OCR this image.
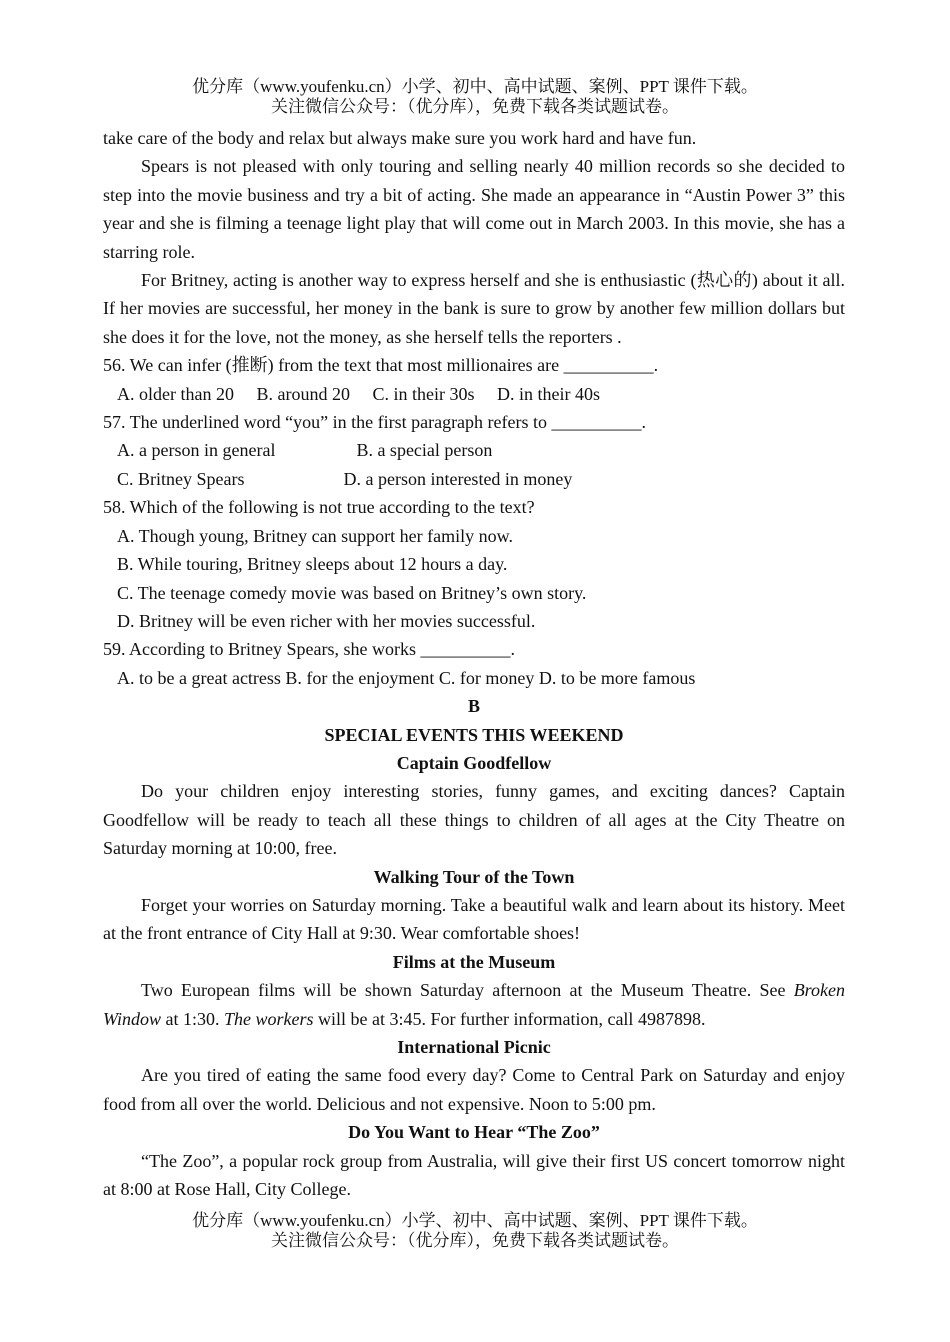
优分库（www.youfenku.cn）小学、初中、高中试题、案例、PPT 课件下载。
关注微信公众号：（优分库），免费下载各类试题试卷。

take care of the body and relax but always make sure you work hard and have fun.

Spears is not pleased with only touring and selling nearly 40 million records so she decided to step into the movie business and try a bit of acting. She made an appearance in “Austin Power 3” this year and she is filming a teenage light play that will come out in March 2003. In this movie, she has a starring role.

For Britney, acting is another way to express herself and she is enthusiastic (热心的) about it all. If her movies are successful, her money in the bank is sure to grow by another few million dollars but she does it for the love, not the money, as she herself tells the reporters .

56. We can infer (推断) from the text that most millionaires are __________.

A. older than 20     B. around 20     C. in their 30s     D. in their 40s

57. The underlined word “you” in the first paragraph refers to __________.

A. a person in general                  B. a special person

C. Britney Spears                      D. a person interested in money

58. Which of the following is not true according to the text?

A. Though young, Britney can support her family now.

B. While touring, Britney sleeps about 12 hours a day.

C. The teenage comedy movie was based on Britney’s own story.

D. Britney will be even richer with her movies successful.

59. According to Britney Spears, she works __________.

A. to be a great actress B. for the enjoyment C. for money D. to be more famous

B

SPECIAL EVENTS THIS WEEKEND

Captain Goodfellow

Do your children enjoy interesting stories, funny games, and exciting dances? Captain Goodfellow will be ready to teach all these things to children of all ages at the City Theatre on Saturday morning at 10:00, free.

Walking Tour of the Town

Forget your worries on Saturday morning. Take a beautiful walk and learn about its history. Meet at the front entrance of City Hall at 9:30. Wear comfortable shoes!

Films at the Museum

Two European films will be shown Saturday afternoon at the Museum Theatre. See Broken Window at 1:30. The workers will be at 3:45. For further information, call 4987898.

International Picnic

Are you tired of eating the same food every day? Come to Central Park on Saturday and enjoy food from all over the world. Delicious and not expensive. Noon to 5:00 pm.

Do You Want to Hear “The Zoo”

“The Zoo”, a popular rock group from Australia, will give their first US concert tomorrow night at 8:00 at Rose Hall, City College.

优分库（www.youfenku.cn）小学、初中、高中试题、案例、PPT 课件下载。
关注微信公众号：（优分库），免费下载各类试题试卷。
